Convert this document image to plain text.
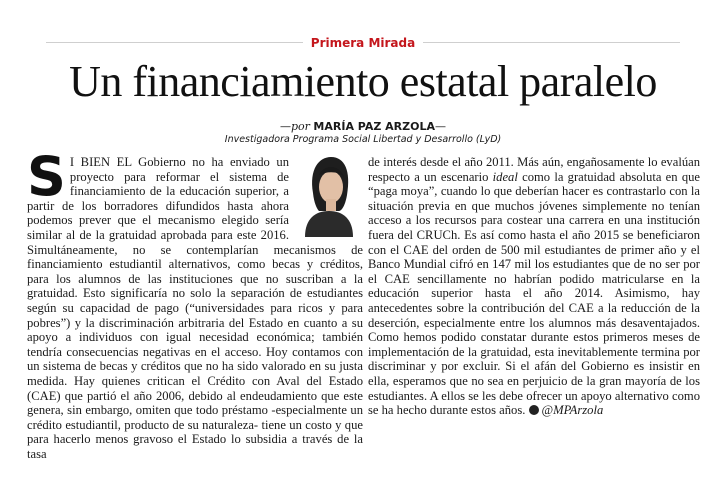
Primera Mirada
Un financiamiento estatal paralelo
—por MARÍA PAZ ARZOLA—
Investigadora Programa Social Libertad y Desarrollo (LyD)
S I BIEN EL Gobierno no ha enviado un proyecto para reformar el sistema de financiamiento de la educación superior, a partir de los borradores difundidos hasta ahora podemos prever que el mecanismo elegido sería similar al de la gratuidad aprobada para este 2016. Simultáneamente, no se contemplarían mecanismos de financiamiento estudiantil alternativos, como becas y créditos, para los alumnos de las instituciones que no suscriban a la gratuidad. Esto significaría no solo la separación de estudiantes según su capacidad de pago (“universidades para ricos y para pobres”) y la discriminación arbitraria del Estado en cuanto a su apoyo a individuos con igual necesidad económica; también tendría consecuencias negativas en el acceso. Hoy contamos con un sistema de becas y créditos que no ha sido valorado en su justa medida. Hay quienes critican el Crédito con Aval del Estado (CAE) que partió el año 2006, debido al endeudamiento que este genera, sin embargo, omiten que todo préstamo -especialmente un crédito estudiantil, producto de su naturaleza- tiene un costo y que para hacerlo menos gravoso el Estado lo subsidia a través de la tasa
de interés desde el año 2011. Más aún, engañosamente lo evalúan respecto a un escenario ideal como la gratuidad absoluta en que “paga moya”, cuando lo que deberían hacer es contrastarlo con la situación previa en que muchos jóvenes simplemente no tenían acceso a los recursos para costear una carrera en una institución fuera del CRUCh. Es así como hasta el año 2015 se beneficiaron con el CAE del orden de 500 mil estudiantes de primer año y el Banco Mundial cifró en 147 mil los estudiantes que de no ser por el CAE sencillamente no habrían podido matricularse en la educación superior hasta el año 2014. Asimismo, hay antecedentes sobre la contribución del CAE a la reducción de la deserción, especialmente entre los alumnos más desaventajados. Como hemos podido constatar durante estos primeros meses de implementación de la gratuidad, esta inevitablemente termina por discriminar y por excluir. Si el afán del Gobierno es insistir en ella, esperamos que no sea en perjuicio de la gran mayoría de los estudiantes. A ellos se les debe ofrecer un apoyo alternativo como se ha hecho durante estos años. @MPArzola
